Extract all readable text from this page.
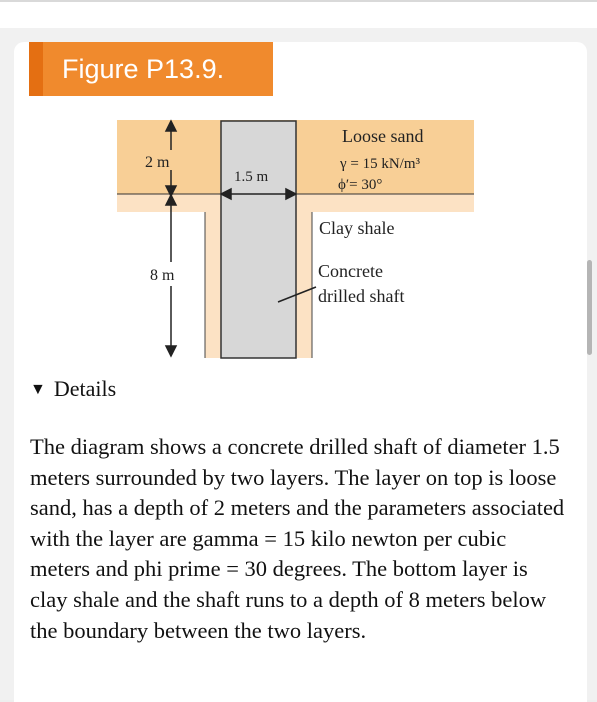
Figure P13.9.
2 m
8 m
1.5 m
Loose sand
γ = 15 kN/m³
ϕ′= 30°
Clay shale
Concrete
drilled shaft
▼ Details
The diagram shows a concrete drilled shaft of diameter 1.5 meters surrounded by two layers. The layer on top is loose sand, has a depth of 2 meters and the parameters associated with the layer are gamma = 15 kilo newton per cubic meters and phi prime = 30 degrees. The bottom layer is clay shale and the shaft runs to a depth of 8 meters below the boundary between the two layers.
